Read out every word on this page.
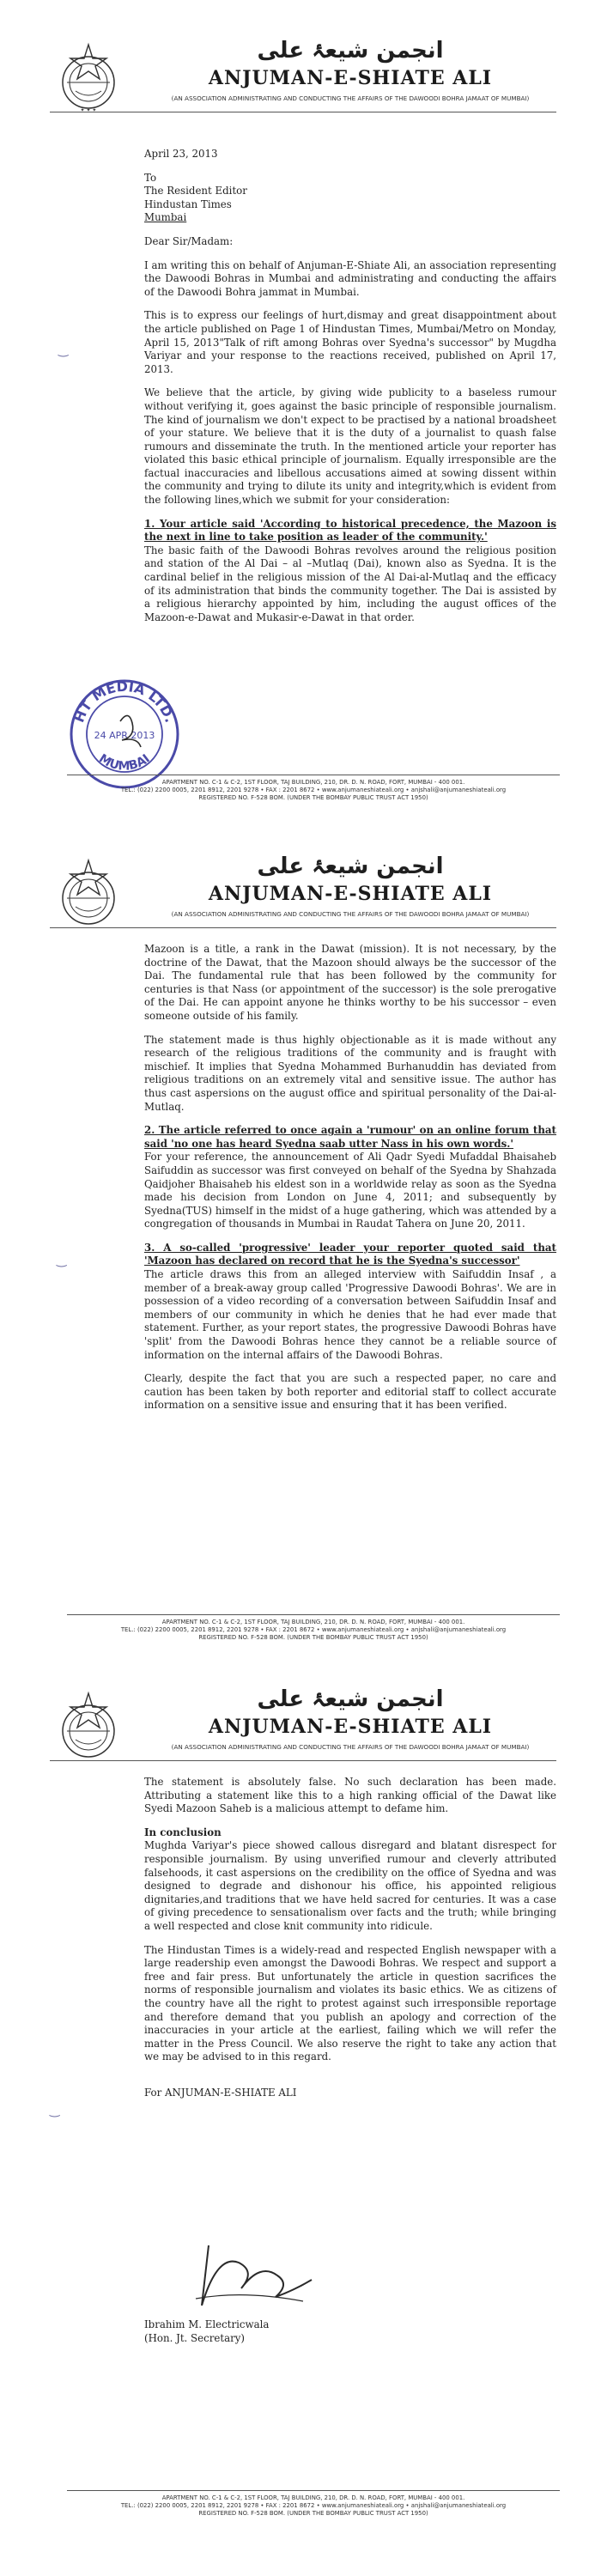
✦ ✦ ✦
انجمن شیعۂ علی
ANJUMAN-E-SHIATE ALI
(AN ASSOCIATION ADMINISTRATING AND CONDUCTING THE AFFAIRS OF THE DAWOODI BOHRA JAMAAT OF MUMBAI)

April 23, 2013

To

The Resident Editor

Hindustan Times

Mumbai

Dear Sir/Madam:

I am writing this on behalf of Anjuman-E-Shiate Ali, an association representing the Dawoodi Bohras in Mumbai and administrating and conducting the affairs of the Dawoodi Bohra jammat in Mumbai.

This is to express our feelings of hurt,dismay and great disappointment about the article published on Page 1 of Hindustan Times, Mumbai/Metro on Monday, April 15, 2013"Talk of rift among Bohras over Syedna's successor" by Mugdha Variyar and your response to the reactions received, published on April 17, 2013.

We believe that the article, by giving wide publicity to a baseless rumour without verifying it, goes against the basic principle of responsible journalism. The kind of journalism we don't expect to be practised by a national broadsheet of your stature. We believe that it is the duty of a journalist to quash false rumours and disseminate the truth. In the mentioned article your reporter has violated this basic ethical principle of journalism. Equally irresponsible are the factual inaccuracies and libellous accusations aimed at sowing dissent within the community and trying to dilute its unity and integrity,which is evident from the following lines,which we submit for your consideration:

1. Your article said 'According to historical precedence, the Mazoon is the next in line to take position as leader of the community.'

The basic faith of the Dawoodi Bohras revolves around the religious position and station of the Al Dai – al –Mutlaq (Dai), known also as Syedna. It is the cardinal belief in the religious mission of the Al Dai-al-Mutlaq and the efficacy of its administration that binds the community together. The Dai is assisted by a religious hierarchy appointed by him, including the august offices of the Mazoon-e-Dawat and Mukasir-e-Dawat in that order.

HT MEDIA LTD.
MUMBAI
24 APR 2013
‿
APARTMENT NO. C-1 & C-2, 1ST FLOOR, TAJ BUILDING, 210, DR. D. N. ROAD, FORT, MUMBAI - 400 001.
TEL.: (022) 2200 0005, 2201 8912, 2201 9278 • FAX : 2201 8672 • www.anjumaneshiateali.org • anjshali@anjumaneshiateali.org
REGISTERED NO. F-528 BOM. (UNDER THE BOMBAY PUBLIC TRUST ACT 1950)
انجمن شیعۂ علی
ANJUMAN-E-SHIATE ALI
(AN ASSOCIATION ADMINISTRATING AND CONDUCTING THE AFFAIRS OF THE DAWOODI BOHRA JAMAAT OF MUMBAI)

Mazoon is a title, a rank in the Dawat (mission). It is not necessary, by the doctrine of the Dawat, that the Mazoon should always be the successor of the Dai. The fundamental rule that has been followed by the community for centuries is that Nass (or appointment of the successor) is the sole prerogative of the Dai. He can appoint anyone he thinks worthy to be his successor – even someone outside of his family.

The statement made is thus highly objectionable as it is made without any research of the religious traditions of the community and is fraught with mischief. It implies that Syedna Mohammed Burhanuddin has deviated from religious traditions on an extremely vital and sensitive issue. The author has thus cast aspersions on the august office and spiritual personality of the Dai-al-Mutlaq.

2. The article referred to once again a 'rumour' on an online forum that said 'no one has heard Syedna saab utter Nass in his own words.'

For your reference, the announcement of Ali Qadr Syedi Mufaddal Bhaisaheb Saifuddin as successor was first conveyed on behalf of the Syedna by Shahzada Qaidjoher Bhaisaheb his eldest son in a worldwide relay as soon as the Syedna made his decision from London on June 4, 2011; and subsequently by Syedna(TUS) himself in the midst of a huge gathering, which was attended by a congregation of thousands in Mumbai in Raudat Tahera on June 20, 2011.

3. A so-called 'progressive' leader your reporter quoted said that 'Mazoon has declared on record that he is the Syedna's successor'

The article draws this from an alleged interview with Saifuddin Insaf , a member of a break-away group called 'Progressive Dawoodi Bohras'. We are in possession of a video recording of a conversation between Saifuddin Insaf and members of our community in which he denies that he had ever made that statement. Further, as your report states, the progressive Dawoodi Bohras have 'split' from the Dawoodi Bohras hence they cannot be a reliable source of information on the internal affairs of the Dawoodi Bohras.

Clearly, despite the fact that you are such a respected paper, no care and caution has been taken by both reporter and editorial staff to collect accurate information on a sensitive issue and ensuring that it has been verified.

‿
APARTMENT NO. C-1 & C-2, 1ST FLOOR, TAJ BUILDING, 210, DR. D. N. ROAD, FORT, MUMBAI - 400 001.
TEL.: (022) 2200 0005, 2201 8912, 2201 9278 • FAX : 2201 8672 • www.anjumaneshiateali.org • anjshali@anjumaneshiateali.org
REGISTERED NO. F-528 BOM. (UNDER THE BOMBAY PUBLIC TRUST ACT 1950)
انجمن شیعۂ علی
ANJUMAN-E-SHIATE ALI
(AN ASSOCIATION ADMINISTRATING AND CONDUCTING THE AFFAIRS OF THE DAWOODI BOHRA JAMAAT OF MUMBAI)

The statement is absolutely false. No such declaration has been made. Attributing a statement like this to a high ranking official of the Dawat like Syedi Mazoon Saheb is a malicious attempt to defame him.

In conclusion

Mughda Variyar's piece showed callous disregard and blatant disrespect for responsible journalism. By using unverified rumour and cleverly attributed falsehoods, it cast aspersions on the credibility on the office of Syedna and was designed to degrade and dishonour his office, his appointed religious dignitaries,and traditions that we have held sacred for centuries. It was a case of giving precedence to sensationalism over facts and the truth; while bringing a well respected and close knit community into ridicule.

The Hindustan Times is a widely-read and respected English newspaper with a large readership even amongst the Dawoodi Bohras. We respect and support a free and fair press. But unfortunately the article in question sacrifices the norms of responsible journalism and violates its basic ethics. We as citizens of the country have all the right to protest against such irresponsible reportage and therefore demand that you publish an apology and correction of the inaccuracies in your article at the earliest, failing which we will refer the matter in the Press Council. We also reserve the right to take any action that we may be advised to in this regard.

For ANJUMAN-E-SHIATE ALI

Ibrahim M. Electricwala

(Hon. Jt. Secretary)

‿
APARTMENT NO. C-1 & C-2, 1ST FLOOR, TAJ BUILDING, 210, DR. D. N. ROAD, FORT, MUMBAI - 400 001.
TEL.: (022) 2200 0005, 2201 8912, 2201 9278 • FAX : 2201 8672 • www.anjumaneshiateali.org • anjshali@anjumaneshiateali.org
REGISTERED NO. F-528 BOM. (UNDER THE BOMBAY PUBLIC TRUST ACT 1950)
